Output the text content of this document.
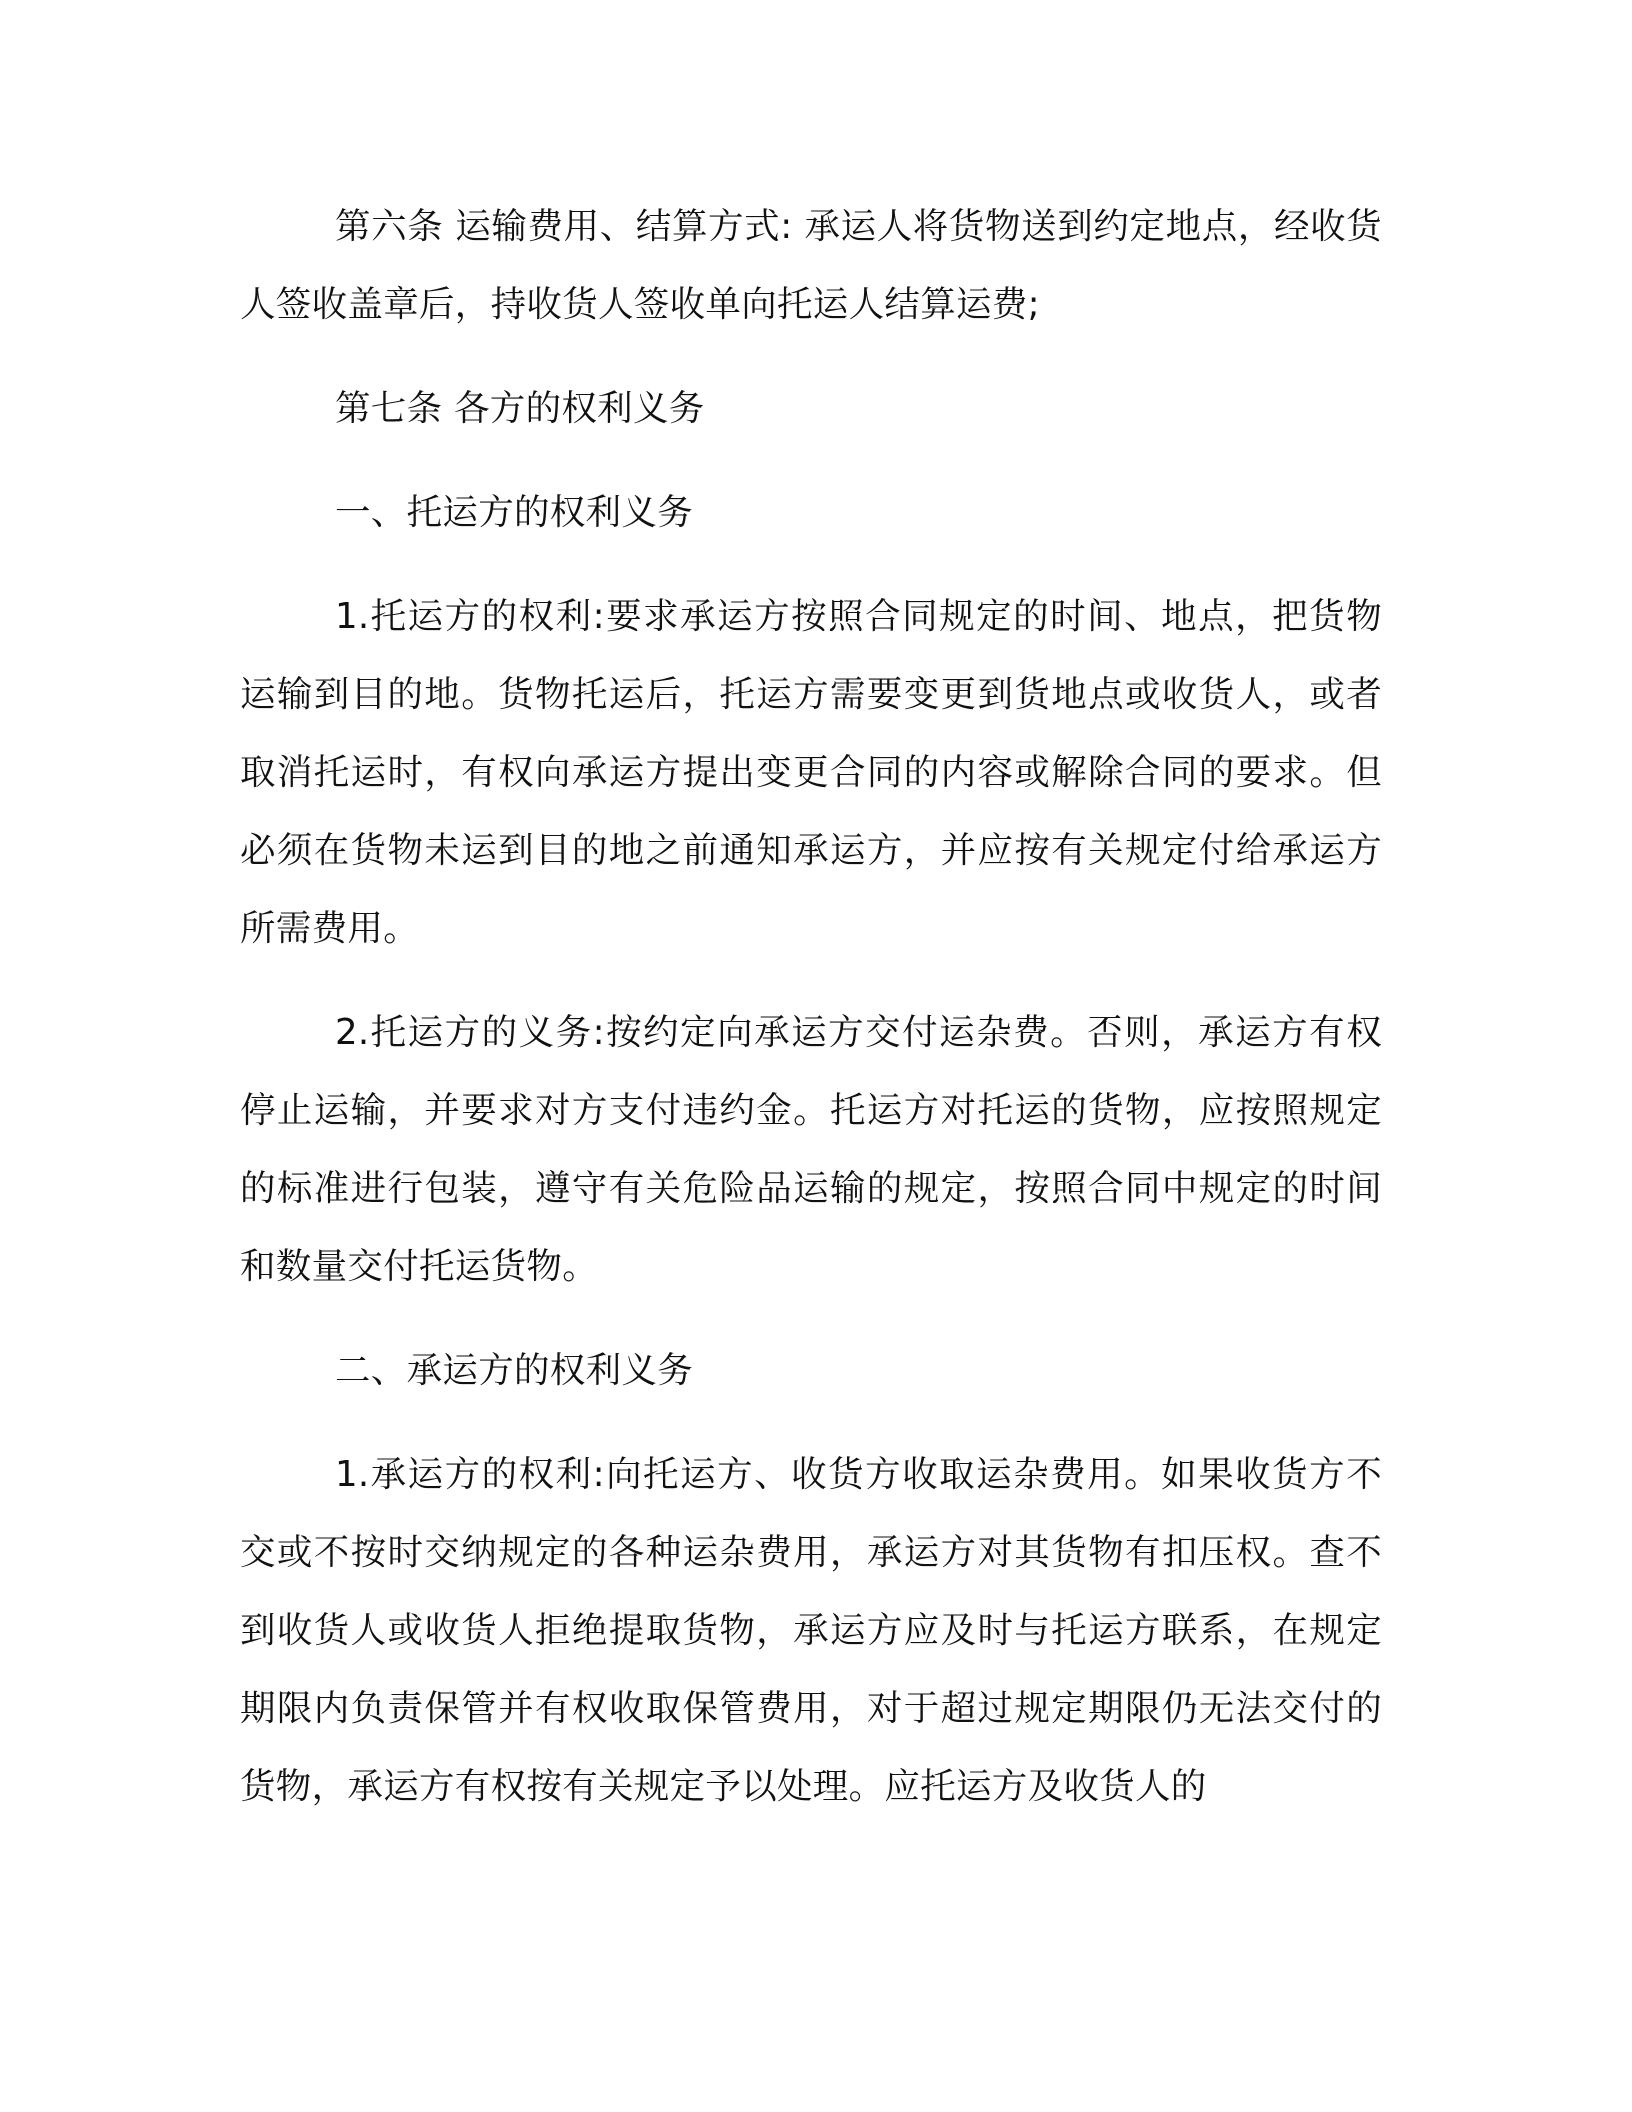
第六条 运输费用、结算方式: 承运人将货物送到约定地点，经收货人签收盖章后，持收货人签收单向托运人结算运费;

第七条 各方的权利义务

一、托运方的权利义务

1.托运方的权利:要求承运方按照合同规定的时间、地点，把货物运输到目的地。货物托运后，托运方需要变更到货地点或收货人，或者取消托运时，有权向承运方提出变更合同的内容或解除合同的要求。但必须在货物未运到目的地之前通知承运方，并应按有关规定付给承运方所需费用。

2.托运方的义务:按约定向承运方交付运杂费。否则，承运方有权停止运输，并要求对方支付违约金。托运方对托运的货物，应按照规定的标准进行包装，遵守有关危险品运输的规定，按照合同中规定的时间和数量交付托运货物。

二、承运方的权利义务

1.承运方的权利:向托运方、收货方收取运杂费用。如果收货方不交或不按时交纳规定的各种运杂费用，承运方对其货物有扣压权。查不到收货人或收货人拒绝提取货物，承运方应及时与托运方联系，在规定期限内负责保管并有权收取保管费用，对于超过规定期限仍无法交付的货物，承运方有权按有关规定予以处理。应托运方及收货人的
